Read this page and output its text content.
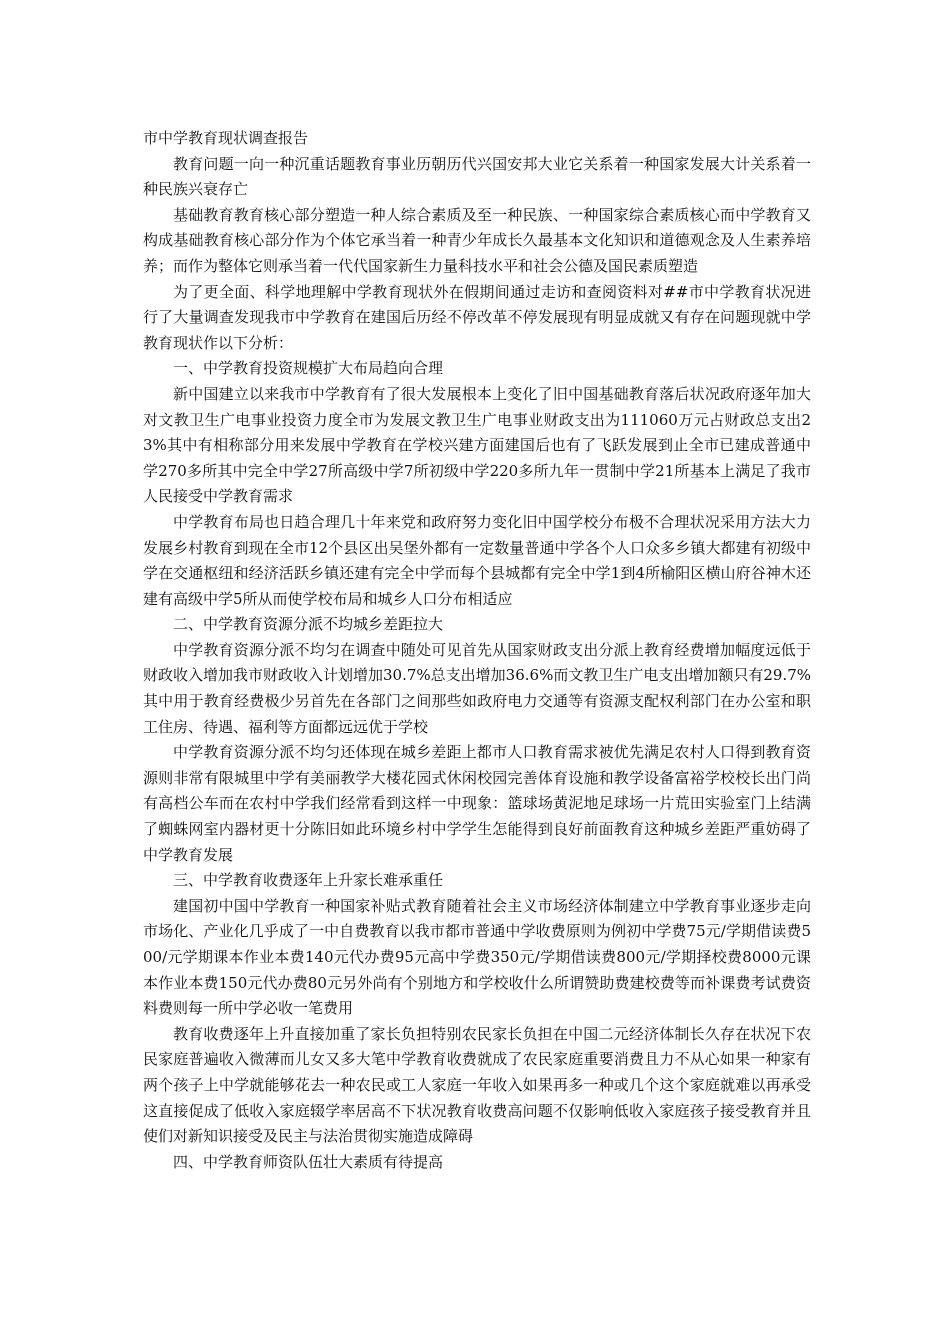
市中学教育现状调查报告

教育问题一向一种沉重话题教育事业历朝历代兴国安邦大业它关系着一种国家发展大计关系着一种民族兴衰存亡

基础教育教育核心部分塑造一种人综合素质及至一种民族、一种国家综合素质核心而中学教育又构成基础教育核心部分作为个体它承当着一种青少年成长久最基本文化知识和道德观念及人生素养培养；而作为整体它则承当着一代代国家新生力量科技水平和社会公德及国民素质塑造

为了更全面、科学地理解中学教育现状外在假期间通过走访和查阅资料对##市中学教育状况进行了大量调查发现我市中学教育在建国后历经不停改革不停发展现有明显成就又有存在问题现就中学教育现状作以下分析：

一、中学教育投资规模扩大布局趋向合理

新中国建立以来我市中学教育有了很大发展根本上变化了旧中国基础教育落后状况政府逐年加大对文教卫生广电事业投资力度全市为发展文教卫生广电事业财政支出为111060万元占财政总支出23%其中有相称部分用来发展中学教育在学校兴建方面建国后也有了飞跃发展到止全市已建成普通中学270多所其中完全中学27所高级中学7所初级中学220多所九年一贯制中学21所基本上满足了我市人民接受中学教育需求

中学教育布局也日趋合理几十年来党和政府努力变化旧中国学校分布极不合理状况采用方法大力发展乡村教育到现在全市12个县区出吴堡外都有一定数量普通中学各个人口众多乡镇大都建有初级中学在交通枢纽和经济活跃乡镇还建有完全中学而每个县城都有完全中学1到4所榆阳区横山府谷神木还建有高级中学5所从而使学校布局和城乡人口分布相适应

二、中学教育资源分派不均城乡差距拉大

中学教育资源分派不均匀在调查中随处可见首先从国家财政支出分派上教育经费增加幅度远低于财政收入增加我市财政收入计划增加30.7%总支出增加36.6%而文教卫生广电支出增加额只有29.7%其中用于教育经费极少另首先在各部门之间那些如政府电力交通等有资源支配权利部门在办公室和职工住房、待遇、福利等方面都远远优于学校

中学教育资源分派不均匀还体现在城乡差距上都市人口教育需求被优先满足农村人口得到教育资源则非常有限城里中学有美丽教学大楼花园式休闲校园完善体育设施和教学设备富裕学校校长出门尚有高档公车而在农村中学我们经常看到这样一中现象：篮球场黄泥地足球场一片荒田实验室门上结满了蜘蛛网室内器材更十分陈旧如此环境乡村中学学生怎能得到良好前面教育这种城乡差距严重妨碍了中学教育发展

三、中学教育收费逐年上升家长难承重任

建国初中国中学教育一种国家补贴式教育随着社会主义市场经济体制建立中学教育事业逐步走向市场化、产业化几乎成了一中自费教育以我市都市普通中学收费原则为例初中学费75元/学期借读费500/元学期课本作业本费140元代办费95元高中学费350元/学期借读费800元/学期择校费8000元课本作业本费150元代办费80元另外尚有个别地方和学校收什么所谓赞助费建校费等而补课费考试费资料费则每一所中学必收一笔费用

教育收费逐年上升直接加重了家长负担特别农民家长负担在中国二元经济体制长久存在状况下农民家庭普遍收入微薄而儿女又多大笔中学教育收费就成了农民家庭重要消费且力不从心如果一种家有两个孩子上中学就能够花去一种农民或工人家庭一年收入如果再多一种或几个这个家庭就难以再承受这直接促成了低收入家庭辍学率居高不下状况教育收费高问题不仅影响低收入家庭孩子接受教育并且使们对新知识接受及民主与法治贯彻实施造成障碍

四、中学教育师资队伍壮大素质有待提高
